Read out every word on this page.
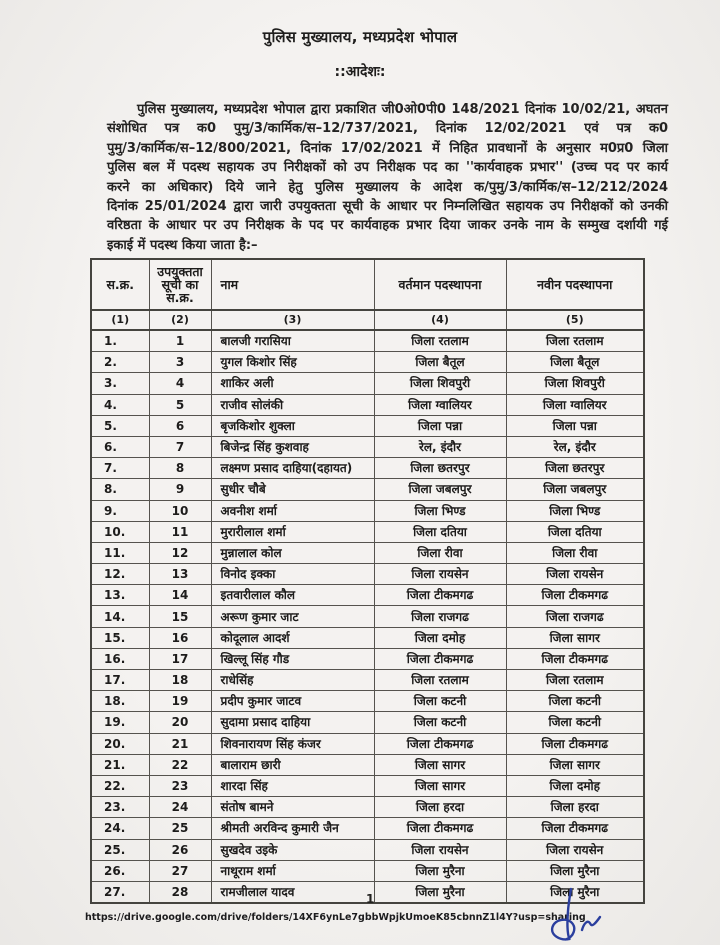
पुलिस मुख्यालय, मध्यप्रदेश भोपाल
::आदेशः:
पुलिस मुख्यालय, मध्यप्रदेश भोपाल द्वारा प्रकाशित जी0ओ0पी0 148/2021 दिनांक 10/02/21, अघतन
संशोधित पत्र क0 पुमु/3/कार्मिक/स–12/737/2021, दिनांक 12/02/2021 एवं पत्र क0
पुमु/3/कार्मिक/स–12/800/2021, दिनांक 17/02/2021 में निहित प्रावधानों के अनुसार म0प्र0 जिला
पुलिस बल में पदस्थ सहायक उप निरीक्षकों को उप निरीक्षक पद का ''कार्यवाहक प्रभार'' (उच्च पद पर कार्य
करने का अधिकार) दिये जाने हेतु पुलिस मुख्यालय के आदेश क/पुमु/3/कार्मिक/स–12/212/2024
दिनांक 25/01/2024 द्वारा जारी उपयुक्तता सूची के आधार पर निम्नलिखित सहायक उप निरीक्षकों को उनकी
वरिष्ठता के आधार पर उप निरीक्षक के पद पर कार्यवाहक प्रभार दिया जाकर उनके नाम के सम्मुख दर्शायी गई
इकाई में पदस्थ किया जाता है:–
स.क्र.	उपयुक्तता सूची का स.क्र.	नाम	वर्तमान पदस्थापना	नवीन पदस्थापना
(1)	(2)	(3)	(4)	(5)
1.	1	बालजी गरासिया	जिला रतलाम	जिला रतलाम
2.	3	युगल किशोर सिंह	जिला बैतूल	जिला बैतूल
3.	4	शाकिर अली	जिला शिवपुरी	जिला शिवपुरी
4.	5	राजीव सोलंकी	जिला ग्वालियर	जिला ग्वालियर
5.	6	बृजकिशोर शुक्ला	जिला पन्ना	जिला पन्ना
6.	7	बिजेन्द्र सिंह कुशवाह	रेल, इंदौर	रेल, इंदौर
7.	8	लक्ष्मण प्रसाद दाहिया(दहायत)	जिला छतरपुर	जिला छतरपुर
8.	9	सुधीर चौबे	जिला जबलपुर	जिला जबलपुर
9.	10	अवनीश शर्मा	जिला भिण्ड	जिला भिण्ड
10.	11	मुरारीलाल शर्मा	जिला दतिया	जिला दतिया
11.	12	मुन्नालाल कोल	जिला रीवा	जिला रीवा
12.	13	विनोद इक्का	जिला रायसेन	जिला रायसेन
13.	14	इतवारीलाल कौल	जिला टीकमगढ	जिला टीकमगढ
14.	15	अरूण कुमार जाट	जिला राजगढ	जिला राजगढ
15.	16	कोदूलाल आदर्श	जिला दमोह	जिला सागर
16.	17	खिल्लू सिंह गौड	जिला टीकमगढ	जिला टीकमगढ
17.	18	राधेसिंह	जिला रतलाम	जिला रतलाम
18.	19	प्रदीप कुमार जाटव	जिला कटनी	जिला कटनी
19.	20	सुदामा प्रसाद दाहिया	जिला कटनी	जिला कटनी
20.	21	शिवनारायण सिंह कंजर	जिला टीकमगढ	जिला टीकमगढ
21.	22	बालाराम छारी	जिला सागर	जिला सागर
22.	23	शारदा सिंह	जिला सागर	जिला दमोह
23.	24	संतोष बामने	जिला हरदा	जिला हरदा
24.	25	श्रीमती अरविन्द कुमारी जैन	जिला टीकमगढ	जिला टीकमगढ
25.	26	सुखदेव उइके	जिला रायसेन	जिला रायसेन
26.	27	नाथूराम शर्मा	जिला मुरैना	जिला मुरैना
27.	28	रामजीलाल यादव	जिला मुरैना	जिला मुरैना
1
https://drive.google.com/drive/folders/14XF6ynLe7gbbWpjkUmoeK85cbnnZ1l4Y?usp=sharing
